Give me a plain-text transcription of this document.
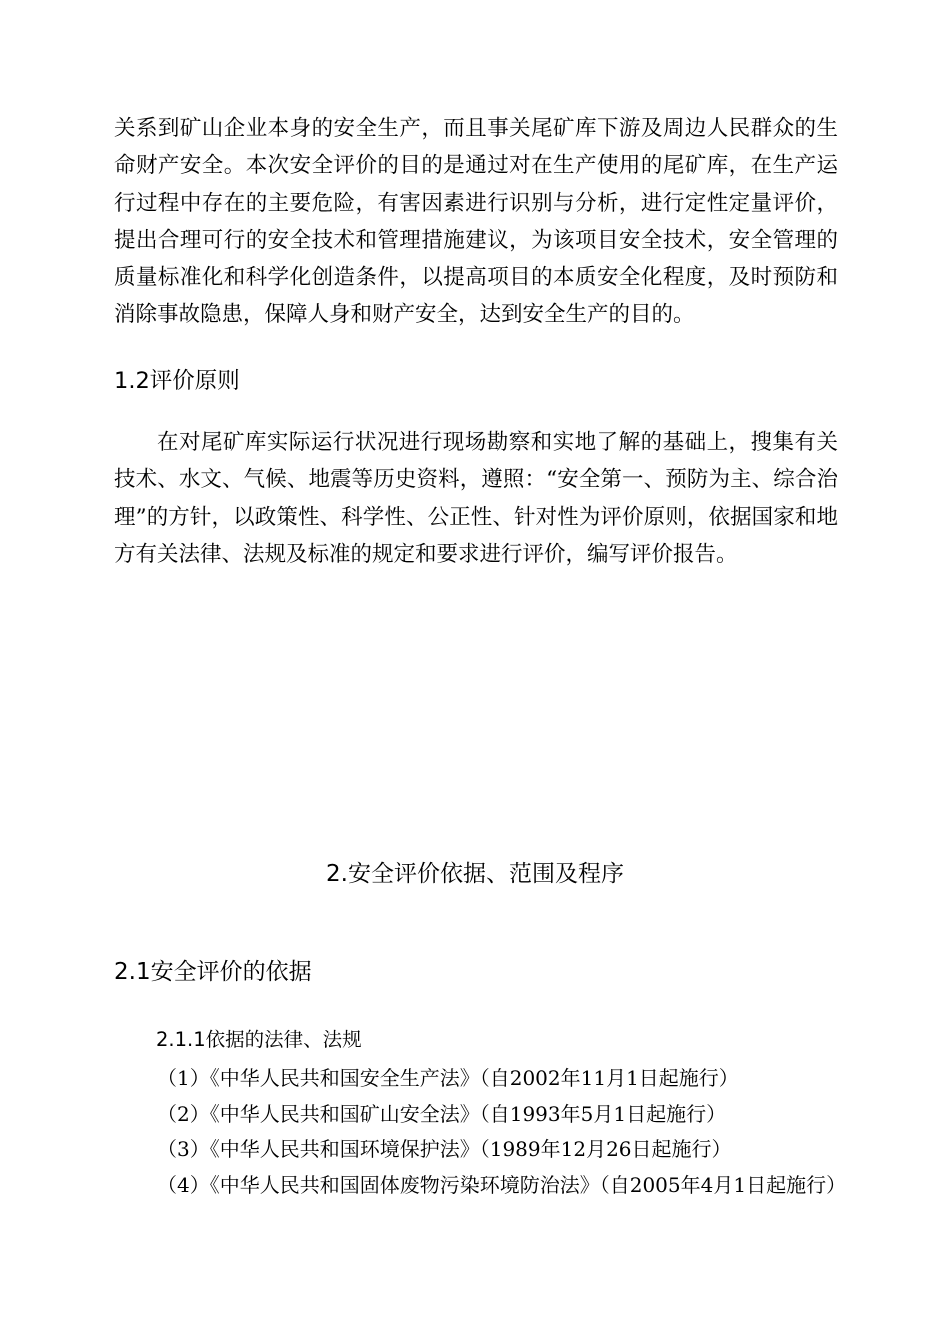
关系到矿山企业本身的安全生产，而且事关尾矿库下游及周边人民群众的生命财产安全。本次安全评价的目的是通过对在生产使用的尾矿库，在生产运行过程中存在的主要危险，有害因素进行识别与分析，进行定性定量评价，提出合理可行的安全技术和管理措施建议，为该项目安全技术，安全管理的质量标准化和科学化创造条件，以提高项目的本质安全化程度，及时预防和消除事故隐患，保障人身和财产安全，达到安全生产的目的。

1.2评价原则

在对尾矿库实际运行状况进行现场勘察和实地了解的基础上，搜集有关技术、水文、气候、地震等历史资料，遵照：“安全第一、预防为主、综合治理”的方针，以政策性、科学性、公正性、针对性为评价原则，依据国家和地方有关法律、法规及标准的规定和要求进行评价，编写评价报告。

2.安全评价依据、范围及程序
2.1安全评价的依据
2.1.1依据的法律、法规
（1）《中华人民共和国安全生产法》（自2002年11月1日起施行）
（2）《中华人民共和国矿山安全法》（自1993年5月1日起施行）
（3）《中华人民共和国环境保护法》（1989年12月26日起施行）
（4）《中华人民共和国固体废物污染环境防治法》（自2005年4月1日起施行）
